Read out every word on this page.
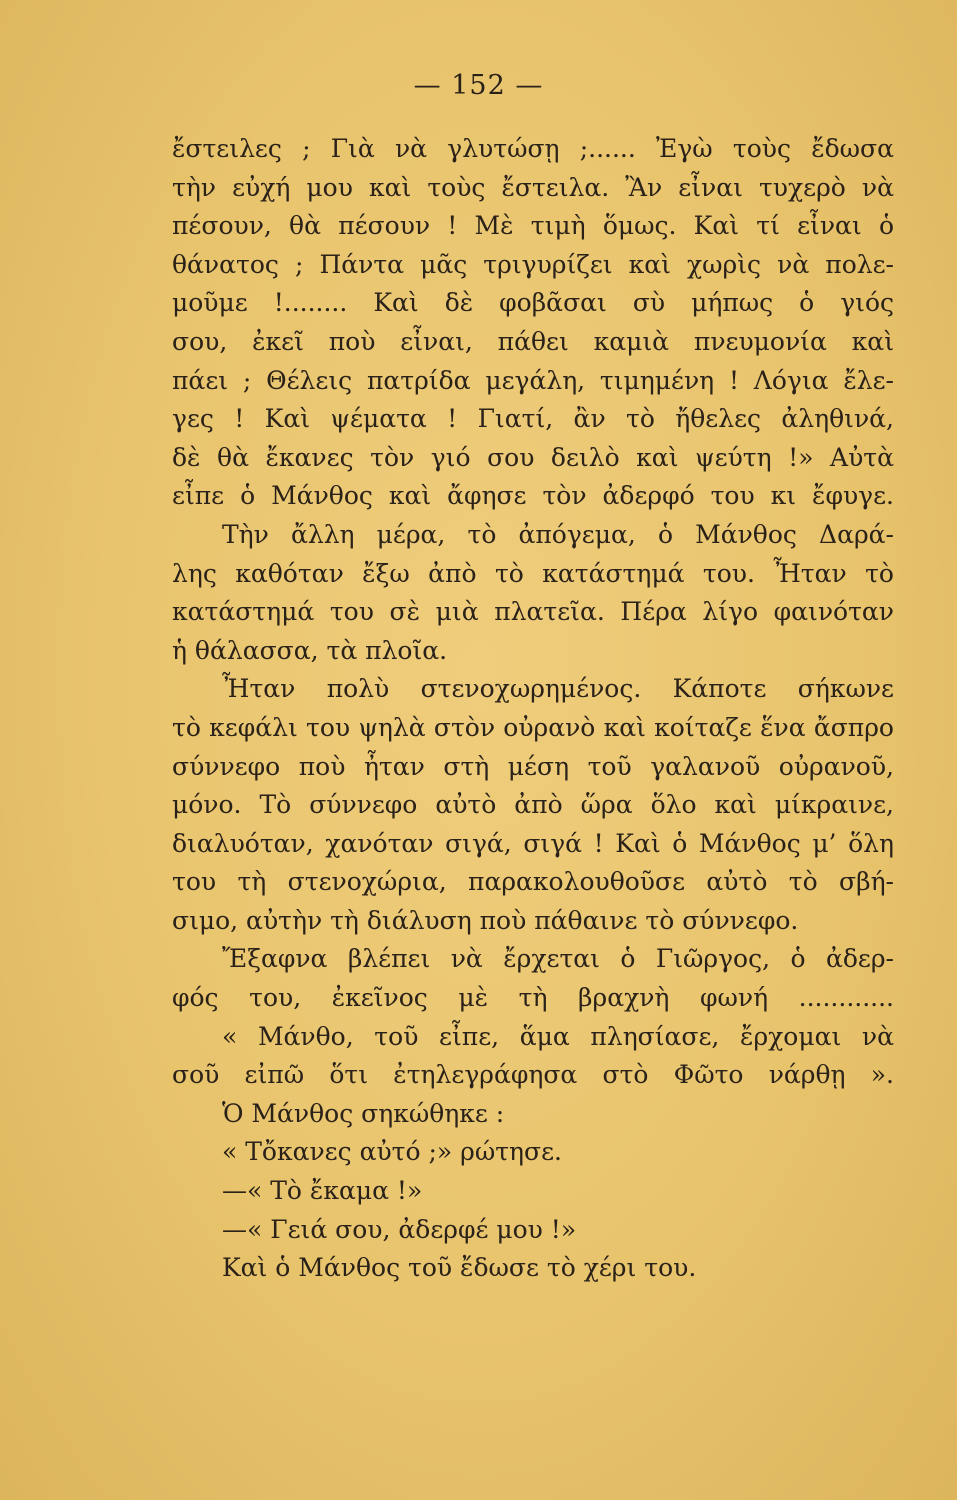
— 152 —
ἔστειλες ; Γιὰ νὰ γλυτώσῃ ;...... Ἐγὼ τοὺς ἔδωσα
τὴν εὐχή μου καὶ τοὺς ἔστειλα. Ἂν εἶναι τυχερὸ νὰ
πέσουν, θὰ πέσουν ! Μὲ τιμὴ ὅμως. Καὶ τί εἶναι ὁ
θάνατος ; Πάντα μᾶς τριγυρίζει καὶ χωρὶς νὰ πολε-
μοῦμε !........ Καὶ δὲ φοβᾶσαι σὺ μήπως ὁ γιός
σου, ἐκεῖ ποὺ εἶναι, πάθει καμιὰ πνευμονία καὶ
πάει ; Θέλεις πατρίδα μεγάλη, τιμημένη ! Λόγια ἔλε-
γες ! Καὶ ψέματα ! Γιατί, ἂν τὸ ἤθελες ἀληθινά,
δὲ θὰ ἔκανες τὸν γιό σου δειλὸ καὶ ψεύτη !» Αὐτὰ
εἶπε ὁ Μάνθος καὶ ἄφησε τὸν ἀδερφό του κι ἔφυγε.
Τὴν ἄλλη μέρα, τὸ ἀπόγεμα, ὁ Μάνθος Δαρά-
λης καθόταν ἔξω ἀπὸ τὸ κατάστημά του. Ἦταν τὸ
κατάστημά του σὲ μιὰ πλατεῖα. Πέρα λίγο φαινόταν
ἡ θάλασσα, τὰ πλοῖα.
Ἦταν πολὺ στενοχωρημένος. Κάποτε σήκωνε
τὸ κεφάλι του ψηλὰ στὸν οὐρανὸ καὶ κοίταζε ἕνα ἄσπρο
σύννεφο ποὺ ἦταν στὴ μέση τοῦ γαλανοῦ οὐρανοῦ,
μόνο. Τὸ σύννεφο αὐτὸ ἀπὸ ὥρα ὅλο καὶ μίκραινε,
διαλυόταν, χανόταν σιγά, σιγά ! Καὶ ὁ Μάνθος μ’ ὅλη
του τὴ στενοχώρια, παρακολουθοῦσε αὐτὸ τὸ σβή-
σιμο, αὐτὴν τὴ διάλυση ποὺ πάθαινε τὸ σύννεφο.
Ἔξαφνα βλέπει νὰ ἔρχεται ὁ Γιῶργος, ὁ ἀδερ-
φός του, ἐκεῖνος μὲ τὴ βραχνὴ φωνή ............
« Μάνθο, τοῦ εἶπε, ἅμα πλησίασε, ἔρχομαι νὰ
σοῦ εἰπῶ ὅτι ἐτηλεγράφησα στὸ Φῶτο νάρθῃ ».
Ὁ Μάνθος σηκώθηκε :
« Τὄκανες αὐτό ;» ρώτησε.
—« Τὸ ἔκαμα !»
—« Γειά σου, ἀδερφέ μου !»
Καὶ ὁ Μάνθος τοῦ ἔδωσε τὸ χέρι του.
